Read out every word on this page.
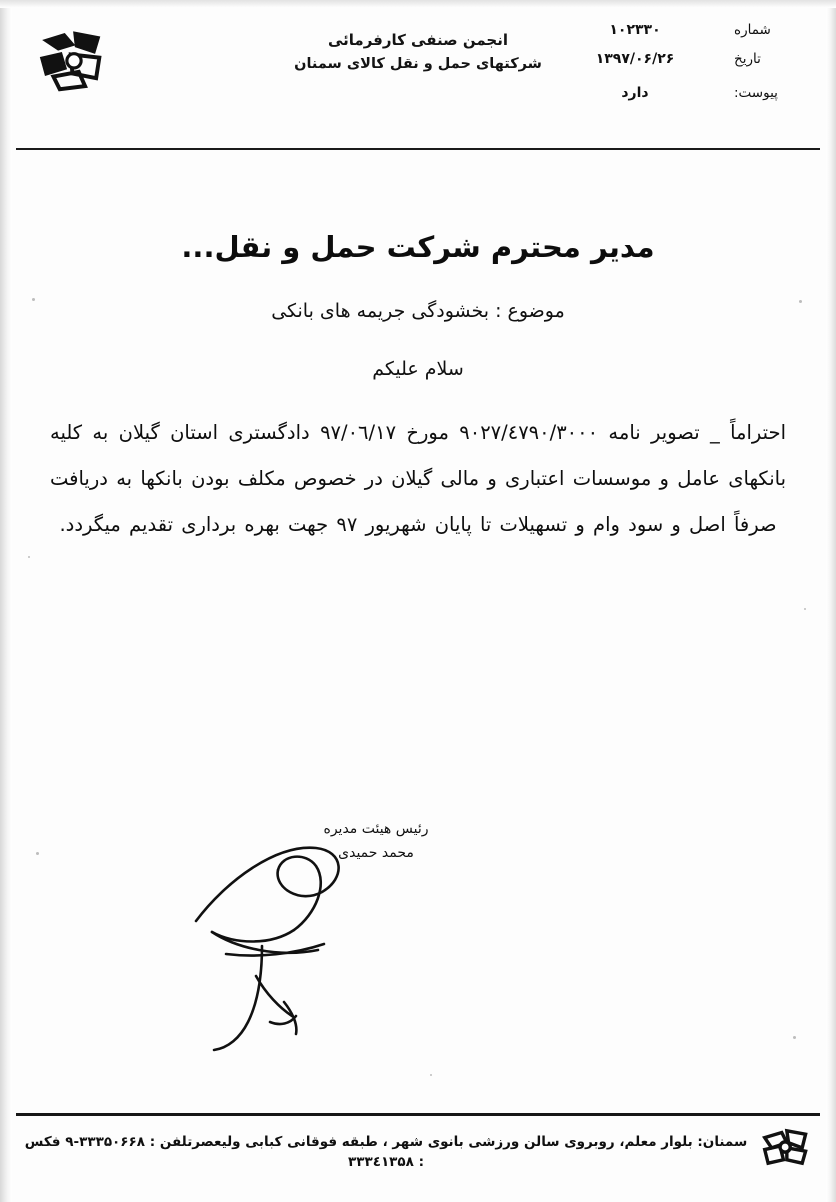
انجمن صنفی کارفرمائی
شرکتهای حمل و نقل کالای سمنان
شماره
۱۰۲۳۳۰
تاریخ
۱۳۹۷/۰۶/۲۶
پیوست:
دارد
مدیر محترم شرکت حمل و نقل...
موضوع : بخشودگی جریمه های بانکی
سلام علیکم
احتراماً _ تصویر نامه ۹۰۲۷/٤۷۹۰/۳۰۰۰ مورخ ۹۷/۰٦/۱۷ دادگستری استان گیلان به کلیه بانکهای عامل و موسسات اعتباری و مالی گیلان در خصوص مکلف بودن بانکها به دریافت صرفاً اصل و سود وام و تسهیلات تا پایان شهریور ۹۷ جهت بهره برداری تقدیم میگردد.
رئیس هیئت مدیره
محمد حمیدی
سمنان: بلوار معلم، روبروی سالن ورزشی بانوی شهر ، طبقه فوقانی کبابی ولیعصرتلفن : ۳۳۳۵۰۶۶۸-۹ فکس : ۳۳۳٤۱۳۵۸
